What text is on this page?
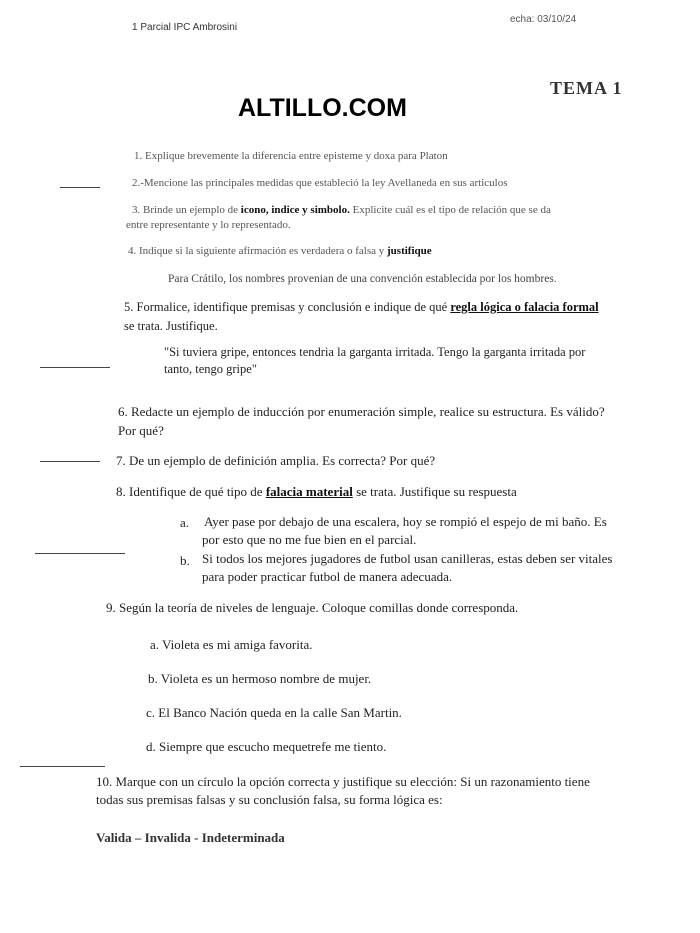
1 Parcial IPC Ambrosini
echa: 03/10/24
TEMA 1
ALTILLO.COM
1. Explique brevemente la diferencia entre episteme y doxa para Platon
2.-Mencione las principales medidas que estableció la ley Avellaneda en sus articulos
3. Brinde un ejemplo de icono, indice y simbolo. Explicite cuál es el tipo de relación que se da
entre representante y lo representado.
4. Indique si la siguiente afirmación es verdadera o falsa y justifique
Para Crátilo, los nombres provenian de una convención establecida por los hombres.
5. Formalice, identifique premisas y conclusión e indique de qué regla lógica o falacia formal
se trata. Justifique.
"Si tuviera gripe, entonces tendria la garganta irritada. Tengo la garganta irritada por
tanto, tengo gripe"
6. Redacte un ejemplo de inducción por enumeración simple, realice su estructura. Es válido?
Por qué?
7. De un ejemplo de definición amplia. Es correcta? Por qué?
8. Identifique de qué tipo de falacia material se trata. Justifique su respuesta
a. Ayer pase por debajo de una escalera, hoy se rompió el espejo de mi baño. Es
por esto que no me fue bien en el parcial.
b. Si todos los mejores jugadores de futbol usan canilleras, estas deben ser vitales
para poder practicar futbol de manera adecuada.
9. Según la teoría de niveles de lenguaje. Coloque comillas donde corresponda.
a. Violeta es mi amiga favorita.
b. Violeta es un hermoso nombre de mujer.
c. El Banco Nación queda en la calle San Martin.
d. Siempre que escucho mequetrefe me tiento.
10. Marque con un círculo la opción correcta y justifique su elección: Si un razonamiento tiene
todas sus premisas falsas y su conclusión falsa, su forma lógica es:
Valida – Invalida - Indeterminada
